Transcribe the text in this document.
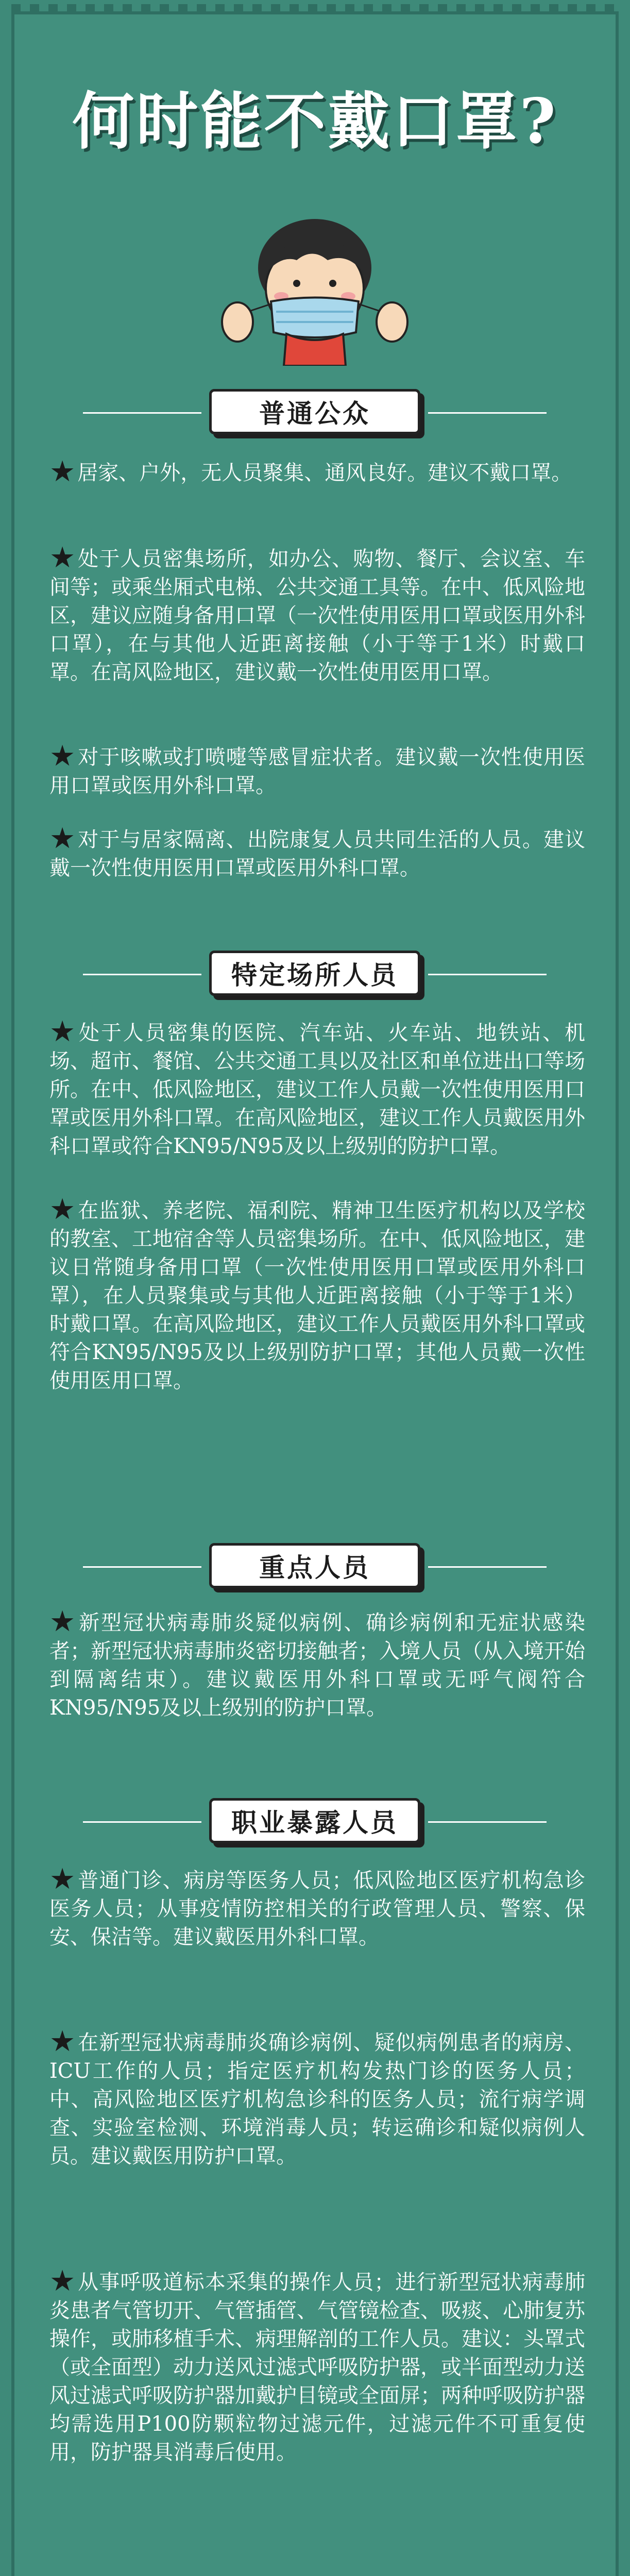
何时能不戴口罩?
普通公众
★ 居家、户外，无人员聚集、通风良好。建议不戴口罩。
★ 处于人员密集场所，如办公、购物、餐厅、会议室、车间等；或乘坐厢式电梯、公共交通工具等。在中、低风险地区，建议应随身备用口罩（一次性使用医用口罩或医用外科口罩），在与其他人近距离接触（小于等于1米）时戴口罩。在高风险地区，建议戴一次性使用医用口罩。
★ 对于咳嗽或打喷嚏等感冒症状者。建议戴一次性使用医用口罩或医用外科口罩。
★ 对于与居家隔离、出院康复人员共同生活的人员。建议戴一次性使用医用口罩或医用外科口罩。
特定场所人员
★ 处于人员密集的医院、汽车站、火车站、地铁站、机场、超市、餐馆、公共交通工具以及社区和单位进出口等场所。在中、低风险地区，建议工作人员戴一次性使用医用口罩或医用外科口罩。在高风险地区，建议工作人员戴医用外科口罩或符合KN95/N95及以上级别的防护口罩。
★ 在监狱、养老院、福利院、精神卫生医疗机构以及学校的教室、工地宿舍等人员密集场所。在中、低风险地区，建议日常随身备用口罩（一次性使用医用口罩或医用外科口罩），在人员聚集或与其他人近距离接触（小于等于1米）时戴口罩。在高风险地区，建议工作人员戴医用外科口罩或符合KN95/N95及以上级别防护口罩；其他人员戴一次性使用医用口罩。
重点人员
★ 新型冠状病毒肺炎疑似病例、确诊病例和无症状感染者；新型冠状病毒肺炎密切接触者；入境人员（从入境开始到隔离结束）。建议戴医用外科口罩或无呼气阀符合KN95/N95及以上级别的防护口罩。
职业暴露人员
★ 普通门诊、病房等医务人员；低风险地区医疗机构急诊医务人员；从事疫情防控相关的行政管理人员、警察、保安、保洁等。建议戴医用外科口罩。
★ 在新型冠状病毒肺炎确诊病例、疑似病例患者的病房、ICU工作的人员；指定医疗机构发热门诊的医务人员；中、高风险地区医疗机构急诊科的医务人员；流行病学调查、实验室检测、环境消毒人员；转运确诊和疑似病例人员。建议戴医用防护口罩。
★ 从事呼吸道标本采集的操作人员；进行新型冠状病毒肺炎患者气管切开、气管插管、气管镜检查、吸痰、心肺复苏操作，或肺移植手术、病理解剖的工作人员。建议：头罩式（或全面型）动力送风过滤式呼吸防护器，或半面型动力送风过滤式呼吸防护器加戴护目镜或全面屏；两种呼吸防护器均需选用P100防颗粒物过滤元件，过滤元件不可重复使用，防护器具消毒后使用。
